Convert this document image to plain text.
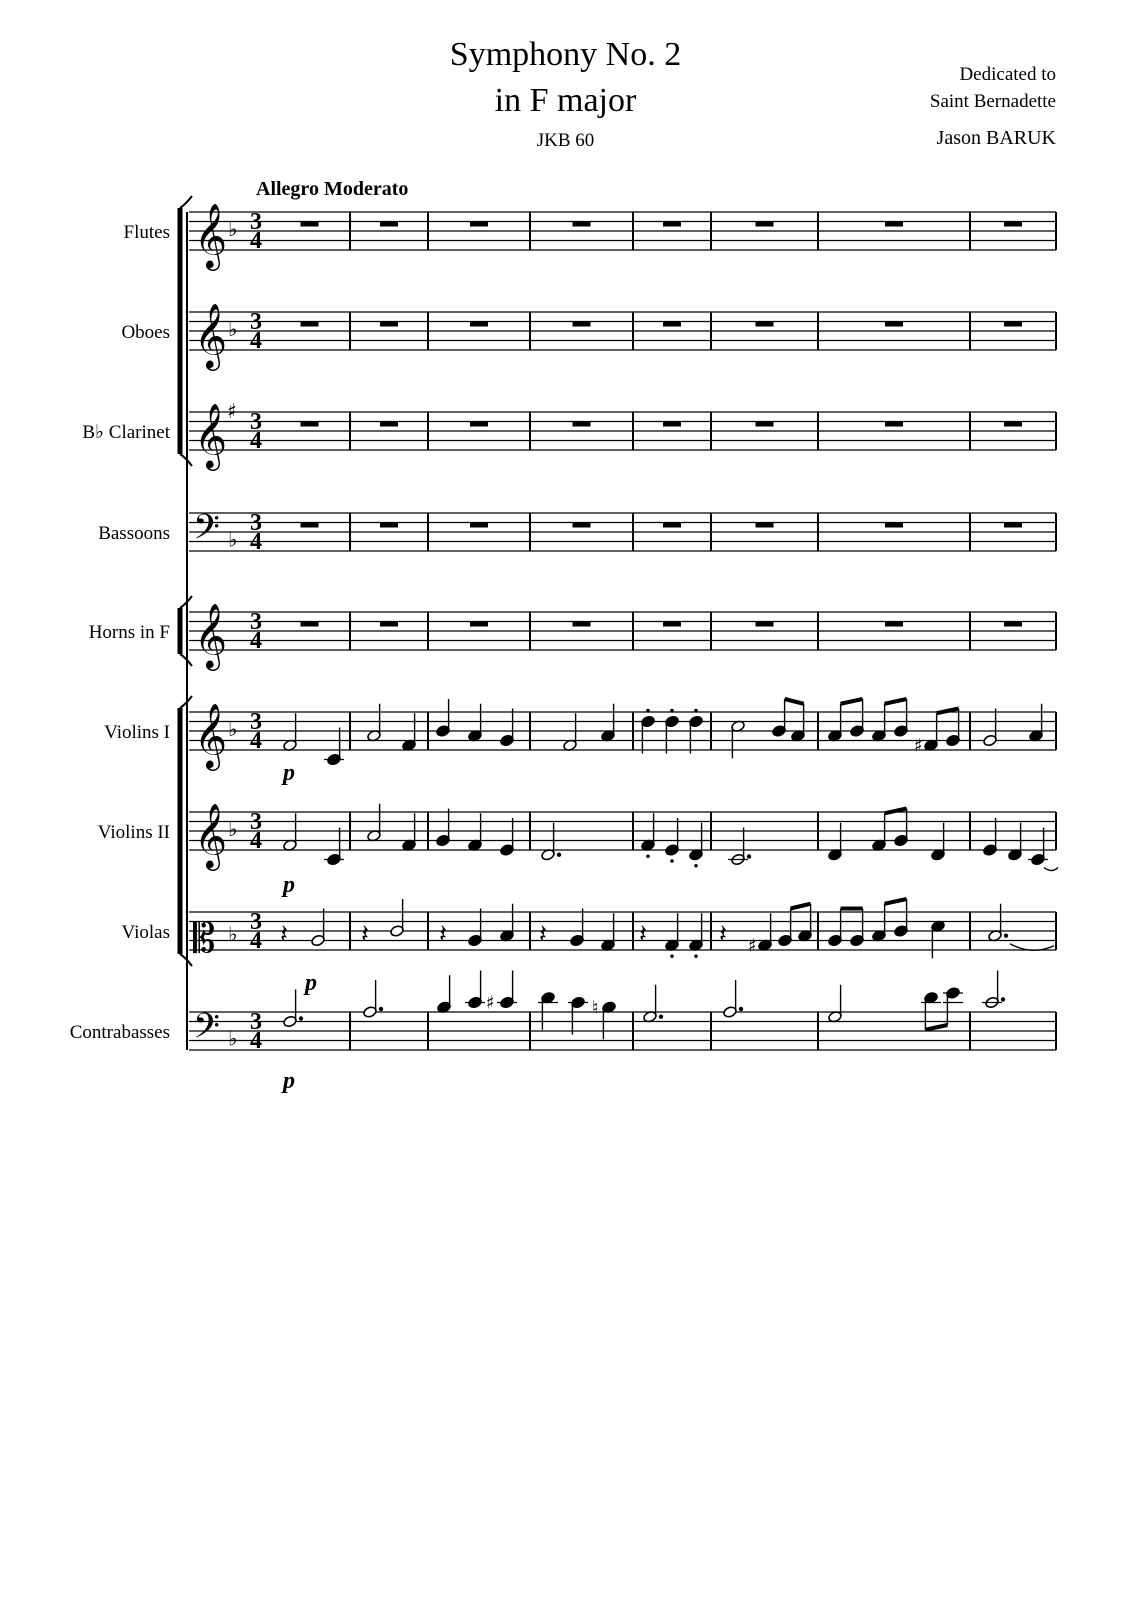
Symphony No. 2
in F major
JKB 60
Dedicated to
Saint Bernadette
Jason BARUK
Allegro Moderato
Flutes 𝄞 ♭ 3
4
Oboes 𝄞 ♭ 3
4
B♭ Clarinet 𝄞 ♯ 3
4
Bassoons 𝄢 ♭
3
4
Horns in F 𝄞 3
4
Violins I 𝄞 ♭ 3
4
Violins II 𝄞 ♭ 3
4
Violas 𝄡 ♭ 3
4
Contrabasses 𝄢 ♭
3
4
♯
p
p
𝄽	𝄽	𝄽	𝄽	𝄽	𝄽 ♯
p
♯	♮
p
